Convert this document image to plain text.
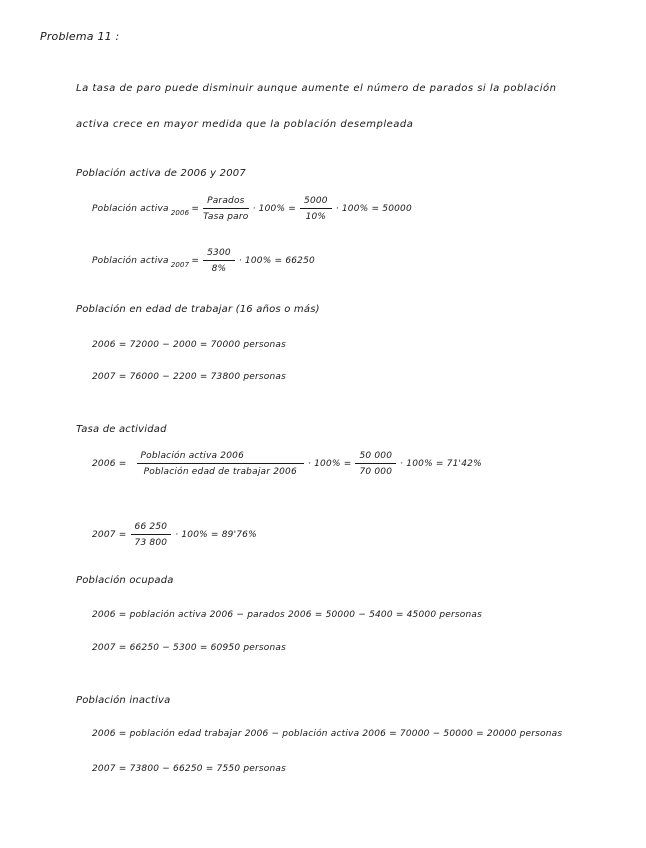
Problema 11 :
La tasa de paro puede disminuir aunque aumente el número de parados si la población
activa crece en mayor medida que la población desempleada
Población activa de 2006 y 2007
Población activa $2006 = \frac{\text{Parados}}{\text{Tasa paro}} \cdot 100\% = \frac{5000}{10\%} \cdot 100\% = 50000$
Población activa $2007 = \frac{5300}{8\%} \cdot 100\% = 66250$
Población en edad de trabajar (16 años o más)
2006 = 72000 − 2000 = 70000 personas
2007 = 76000 − 2200 = 73800 personas
Tasa de actividad
$2006 = \frac{\text{Población activa 2006}}{\text{Población edad de trabajar 2006}} \cdot 100\% = \frac{50 000}{70 000} \cdot 100\% = 71'42\%$
$2007 = \frac{66 250}{73 800} \cdot 100\% = 89'76\%$
Población ocupada
2006 = población activa 2006 − parados 2006 = 50000 − 5400 = 45000 personas
2007 = 66250 − 5300 = 60950 personas
Población inactiva
2006 = población edad trabajar 2006 − población activa 2006 = 70000 − 50000 = 20000 personas
2007 = 73800 − 66250 = 7550 personas
